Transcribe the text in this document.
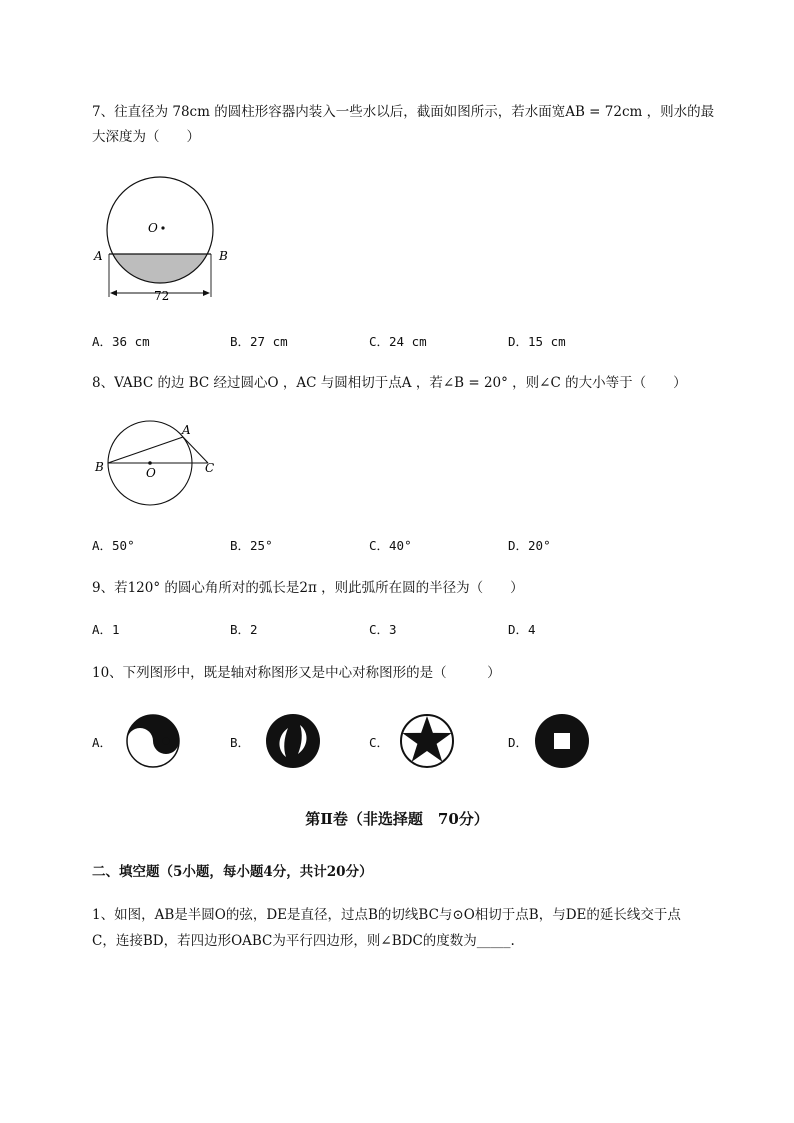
7、往直径为 78cm 的圆柱形容器内装入一些水以后，截面如图所示，若水面宽AB = 72cm ，则水的最
大深度为（　　）
O
A	B
72
A．36 cm	B．27 cm	C．24 cm	D．15 cm
8、VABC 的边 BC 经过圆心O ，AC 与圆相切于点A ，若∠B = 20° ，则∠C 的大小等于（　　）
A
B	C
O
A．50°	B．25°	C．40°	D．20°
9、若120° 的圆心角所对的弧长是2π ，则此弧所在圆的半径为（　　）
A．1	B．2	C．3	D．4
10、下列图形中，既是轴对称图形又是中心对称图形的是（　　　）
A．	B．	C．	D．
第Ⅱ卷（非选择题　70分）
二、填空题（5小题，每小题4分，共计20分）
1、如图，AB是半圆O的弦，DE是直径，过点B的切线BC与⊙O相切于点B，与DE的延长线交于点
C，连接BD，若四边形OABC为平行四边形，则∠BDC的度数为_____.
